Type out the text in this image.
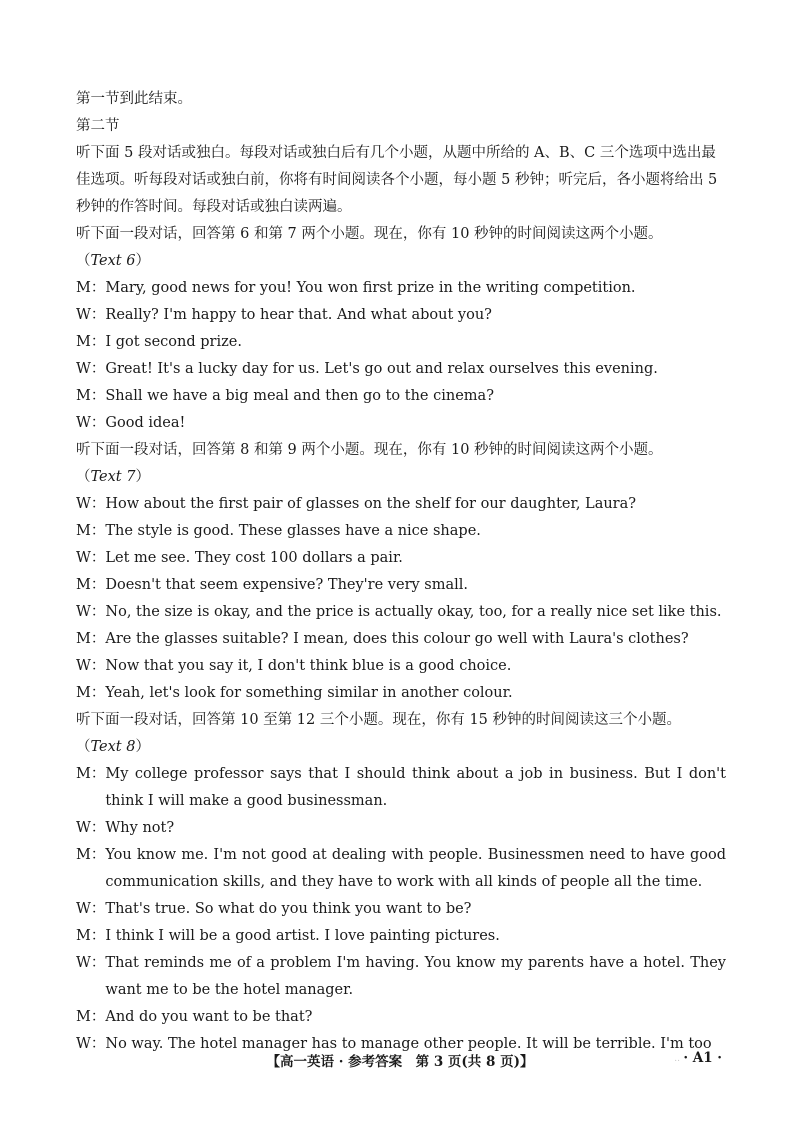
第一节到此结束。
第二节
听下面 5 段对话或独白。每段对话或独白后有几个小题，从题中所给的 A、B、C 三个选项中选出最佳选项。听每段对话或独白前，你将有时间阅读各个小题，每小题 5 秒钟；听完后，各小题将给出 5 秒钟的作答时间。每段对话或独白读两遍。
听下面一段对话，回答第 6 和第 7 两个小题。现在，你有 10 秒钟的时间阅读这两个小题。
（Text 6）
M： Mary, good news for you! You won first prize in the writing competition.
W： Really? I'm happy to hear that. And what about you?
M： I got second prize.
W： Great! It's a lucky day for us. Let's go out and relax ourselves this evening.
M： Shall we have a big meal and then go to the cinema?
W： Good idea!
听下面一段对话，回答第 8 和第 9 两个小题。现在，你有 10 秒钟的时间阅读这两个小题。
（Text 7）
W： How about the first pair of glasses on the shelf for our daughter, Laura?
M： The style is good. These glasses have a nice shape.
W： Let me see. They cost 100 dollars a pair.
M： Doesn't that seem expensive? They're very small.
W： No, the size is okay, and the price is actually okay, too, for a really nice set like this.
M： Are the glasses suitable? I mean, does this colour go well with Laura's clothes?
W： Now that you say it, I don't think blue is a good choice.
M： Yeah, let's look for something similar in another colour.
听下面一段对话，回答第 10 至第 12 三个小题。现在，你有 15 秒钟的时间阅读这三个小题。
（Text 8）
M： My college professor says that I should think about a job in business. But I don't think I will make a good businessman.
W： Why not?
M： You know me. I'm not good at dealing with people. Businessmen need to have good communication skills, and they have to work with all kinds of people all the time.
W： That's true. So what do you think you want to be?
M： I think I will be a good artist. I love painting pictures.
W： That reminds me of a problem I'm having. You know my parents have a hotel. They want me to be the hotel manager.
M： And do you want to be that?
W： No way. The hotel manager has to manage other people. It will be terrible. I'm too
【高一英语 · 参考答案　第 3 页(共 8 页)】	.. · A1 ·
